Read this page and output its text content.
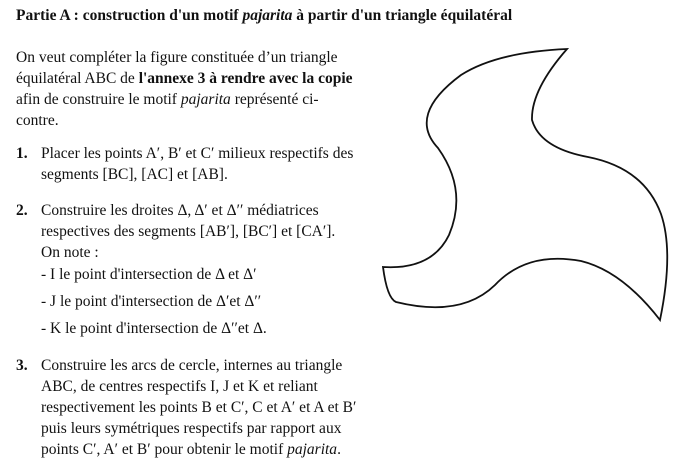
Partie A : construction d'un motif pajarita à partir d'un triangle équilatéral
On veut compléter la figure constituée d’un triangle
équilatéral ABC de l'annexe 3 à rendre avec la copie
afin de construire le motif pajarita représenté ci-
contre.
1. Placer les points A′, B′ et C′ milieux respectifs des
segments [BC], [AC] et [AB].
2. Construire les droites Δ, Δ′ et Δ′′ médiatrices
respectives des segments [AB′], [BC′] et [CA′].
On note :
- I le point d'intersection de Δ et Δ′
- J le point d'intersection de Δ′et Δ′′
- K le point d'intersection de Δ′′et Δ.
3. Construire les arcs de cercle, internes au triangle
ABC, de centres respectifs I, J et K et reliant
respectivement les points B et C′, C et A′ et A et B′
puis leurs symétriques respectifs par rapport aux
points C′, A′ et B′ pour obtenir le motif pajarita.
